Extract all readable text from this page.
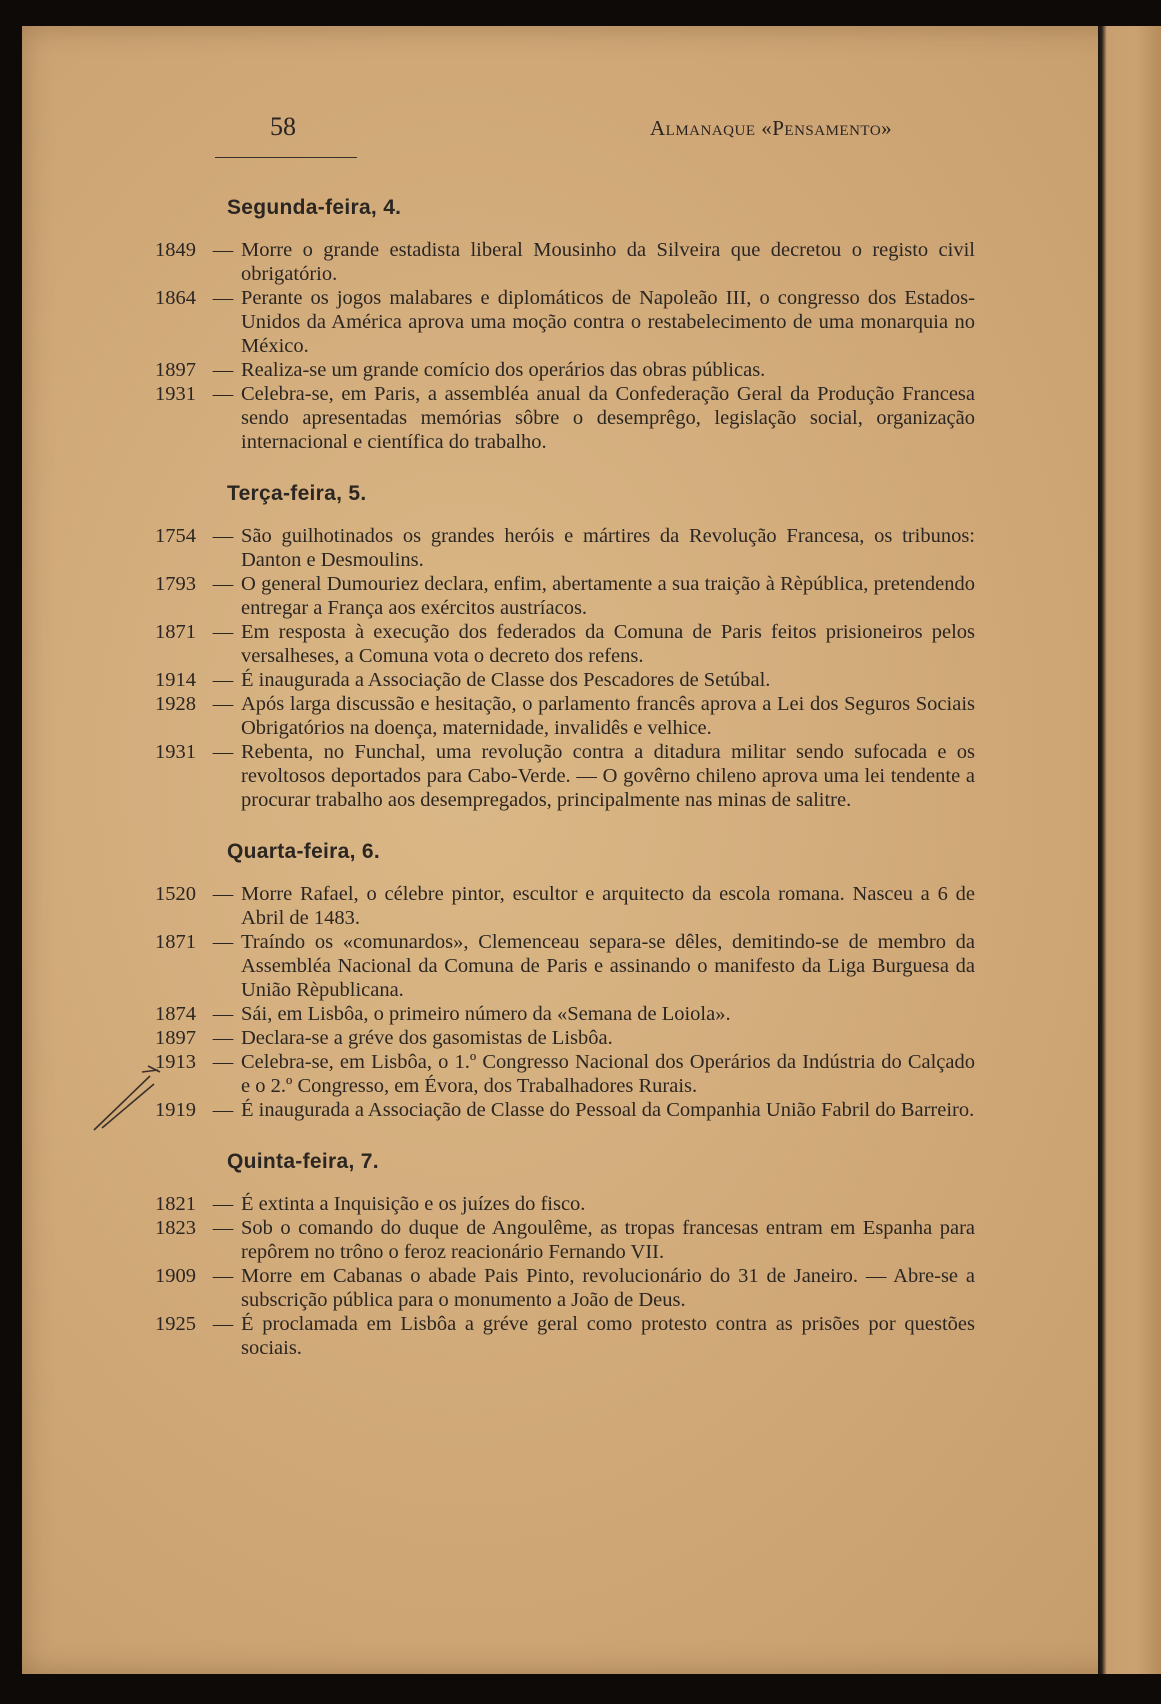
58	Almanaque «Pensamento»
Segunda-feira, 4.
1849 — Morre o grande estadista liberal Mousinho da Silveira que decretou o registo civil obrigatório.
1864 — Perante os jogos malabares e diplomáticos de Napoleão III, o congresso dos Estados-Unidos da América aprova uma moção contra o restabelecimento de uma monarquia no México.
1897 — Realiza-se um grande comício dos operários das obras públicas.
1931 — Celebra-se, em Paris, a assembléa anual da Confederação Geral da Produção Francesa sendo apresentadas memórias sôbre o desemprêgo, legislação social, organização internacional e científica do trabalho.
Terça-feira, 5.
1754 — São guilhotinados os grandes heróis e mártires da Revolução Francesa, os tribunos: Danton e Desmoulins.
1793 — O general Dumouriez declara, enfim, abertamente a sua traição à Rèpública, pretendendo entregar a França aos exércitos austríacos.
1871 — Em resposta à execução dos federados da Comuna de Paris feitos prisioneiros pelos versalheses, a Comuna vota o decreto dos refens.
1914 — É inaugurada a Associação de Classe dos Pescadores de Setúbal.
1928 — Após larga discussão e hesitação, o parlamento francês aprova a Lei dos Seguros Sociais Obrigatórios na doença, maternidade, invalidês e velhice.
1931 — Rebenta, no Funchal, uma revolução contra a ditadura militar sendo sufocada e os revoltosos deportados para Cabo-Verde. — O govêrno chileno aprova uma lei tendente a procurar trabalho aos desempregados, principalmente nas minas de salitre.
Quarta-feira, 6.
1520 — Morre Rafael, o célebre pintor, escultor e arquitecto da escola romana. Nasceu a 6 de Abril de 1483.
1871 — Traíndo os «comunardos», Clemenceau separa-se dêles, demitindo-se de membro da Assembléa Nacional da Comuna de Paris e assinando o manifesto da Liga Burguesa da União Rèpublicana.
1874 — Sái, em Lisbôa, o primeiro número da «Semana de Loiola».
1897 — Declara-se a gréve dos gasomistas de Lisbôa.
1913 — Celebra-se, em Lisbôa, o 1.º Congresso Nacional dos Operários da Indústria do Calçado e o 2.º Congresso, em Évora, dos Trabalhadores Rurais.
1919 — É inaugurada a Associação de Classe do Pessoal da Companhia União Fabril do Barreiro.
Quinta-feira, 7.
1821 — É extinta a Inquisição e os juízes do fisco.
1823 — Sob o comando do duque de Angoulême, as tropas francesas entram em Espanha para repôrem no trôno o feroz reacionário Fernando VII.
1909 — Morre em Cabanas o abade Pais Pinto, revolucionário do 31 de Janeiro. — Abre-se a subscrição pública para o monumento a João de Deus.
1925 — É proclamada em Lisbôa a gréve geral como protesto contra as prisões por questões sociais.
